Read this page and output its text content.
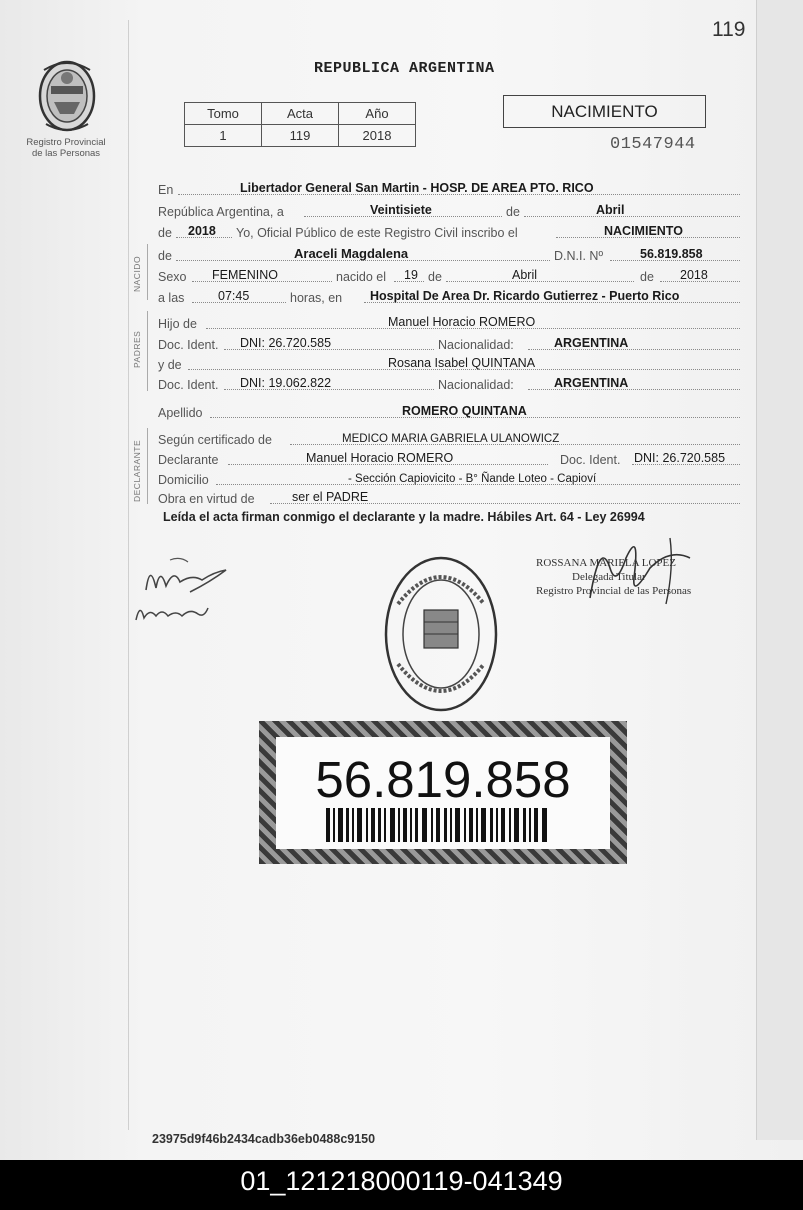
119
Registro Provincial
de las Personas
REPUBLICA ARGENTINA
Tomo	Acta	Año
1	119	2018
NACIMIENTO
01547944
En	Libertador General San Martin - HOSP. DE AREA PTO. RICO
República Argentina, a	Veintisiete	de	Abril
de 2018 Yo, Oficial Público de este Registro Civil inscribo el	NACIMIENTO
NACIDO de	Araceli Magdalena	D.N.I. Nº	56.819.858
Sexo FEMENINO	nacido el 19 de	Abril	de 2018
a las	07:45	horas, en Hospital De Area Dr. Ricardo Gutierrez - Puerto Rico
PADRES
Hijo de	Manuel Horacio ROMERO
Doc. Ident. DNI: 26.720.585	Nacionalidad:	ARGENTINA
y de	Rosana Isabel QUINTANA
Doc. Ident. DNI: 19.062.822	Nacionalidad:	ARGENTINA
Apellido	ROMERO QUINTANA
DECLARANTE Según certificado de	MEDICO MARIA GABRIELA ULANOWICZ
Declarante	Manuel Horacio ROMERO	Doc. Ident. DNI: 26.720.585
Domicilio	- Sección Capiovicito - B° Ñande Loteo - Capioví
Obra en virtud de	ser el PADRE
Leída el acta firman conmigo el declarante y la madre. Hábiles Art. 64 - Ley 26994
ROSSANA MARIELA LOPEZ
Delegada Titular
Registro Provincial de las Personas
56.819.858
23975d9f46b2434cadb36eb0488c9150
01_121218000119-041349
